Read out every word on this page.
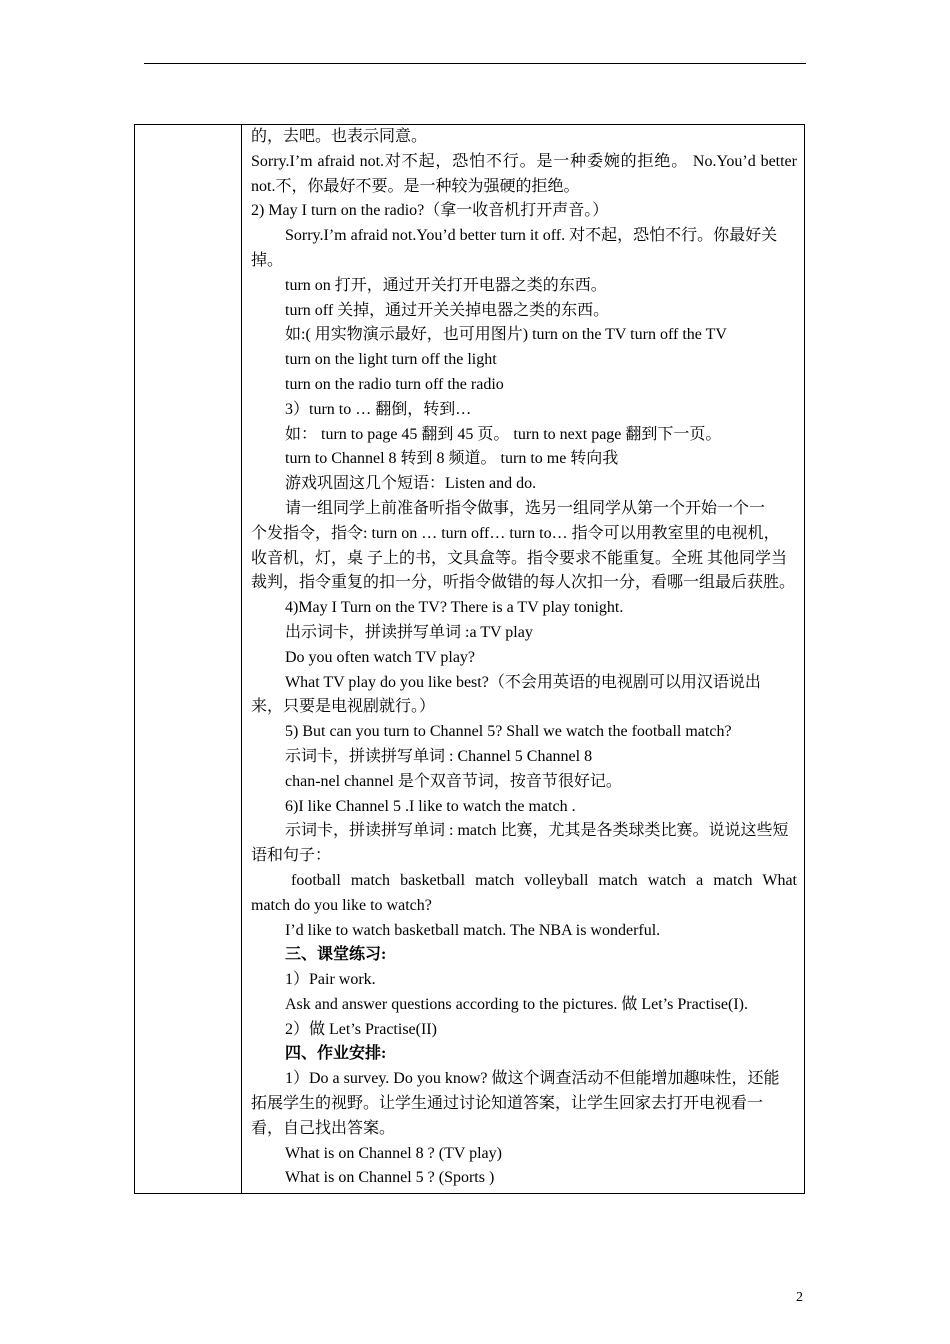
的，去吧。也表示同意。

Sorry.I’m afraid not.对不起，恐怕不行。是一种委婉的拒绝。 No.You’d better

not.不，你最好不要。是一种较为强硬的拒绝。

2) May I turn on the radio?（拿一收音机打开声音。）

Sorry.I’m afraid not.You’d better turn it off. 对不起，恐怕不行。你最好关

掉。

turn on 打开，通过开关打开电器之类的东西。

turn off 关掉，通过开关关掉电器之类的东西。

如:( 用实物演示最好，也可用图片) turn on the TV turn off the TV

turn on the light turn off the light

turn on the radio turn off the radio

3）turn to … 翻倒，转到…

如： turn to page 45 翻到 45 页。 turn to next page 翻到下一页。

turn to Channel 8 转到 8 频道。 turn to me 转向我

游戏巩固这几个短语：Listen and do.

请一组同学上前准备听指令做事，选另一组同学从第一个开始一个一

个发指令，指令: turn on … turn off… turn to… 指令可以用教室里的电视机，

收音机，灯，桌 子上的书，文具盒等。指令要求不能重复。全班 其他同学当

裁判，指令重复的扣一分，听指令做错的每人次扣一分，看哪一组最后获胜。

4)May I Turn on the TV? There is a TV play tonight.

出示词卡，拼读拼写单词 :a TV play

Do you often watch TV play?

What TV play do you like best?（不会用英语的电视剧可以用汉语说出

来，只要是电视剧就行。）

5) But can you turn to Channel 5? Shall we watch the football match?

示词卡，拼读拼写单词 : Channel 5 Channel 8

chan-nel channel 是个双音节词，按音节很好记。

6)I like Channel 5 .I like to watch the match .

示词卡，拼读拼写单词 : match 比赛，尤其是各类球类比赛。说说这些短

语和句子：

football match basketball match volleyball match watch a match What

match do you like to watch?

I’d like to watch basketball match. The NBA is wonderful.

三、课堂练习:

1）Pair work.

Ask and answer questions according to the pictures. 做 Let’s Practise(I).

2）做 Let’s Practise(II)

四、作业安排:

1）Do a survey. Do you know? 做这个调查活动不但能增加趣味性，还能

拓展学生的视野。让学生通过讨论知道答案，让学生回家去打开电视看一

看，自己找出答案。

What is on Channel 8 ? (TV play)

What is on Channel 5 ? (Sports )

2
